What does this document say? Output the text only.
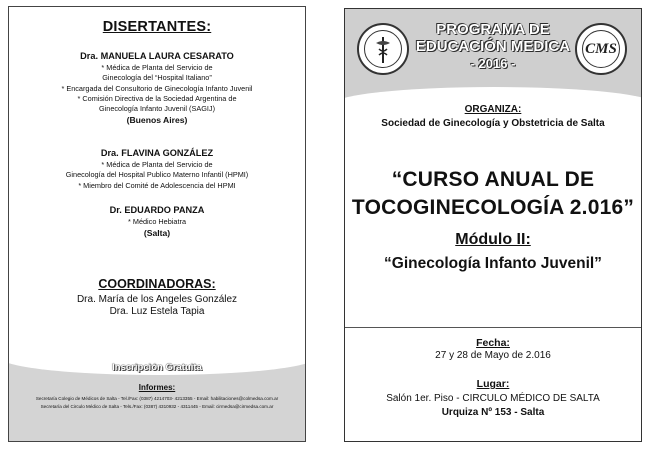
DISERTANTES:
Dra. MANUELA LAURA CESARATO
* Médica de Planta del Servicio de
Ginecología del “Hospital Italiano”
* Encargada del Consultorio de Ginecología Infanto Juvenil
* Comisión Directiva de la Sociedad Argentina de
Ginecología Infanto Juvenil (SAGIJ)
(Buenos Aires)
Dra. FLAVINA GONZÁLEZ
* Médica de Planta del Servicio de
Ginecología del Hospital Publico Materno Infantil (HPMI)
* Miembro del Comité de Adolescencia del HPMI
Dr. EDUARDO PANZA
* Médico Hebiatra
(Salta)
COORDINADORAS:
Dra. María de los Angeles González
Dra. Luz Estela Tapia
Inscripción Gratuita
Informes:
Secretaría Colegio de Médicos de Salta - Tel./Fax: (0387) 4214703- 4213355 - Email: habilitaciones@colmedsa.com.ar
Secretaría del Circulo Médico de Salta - Tels./Fax: (0387) 4310932 - 4311445 - Email: cirmedsa@cirmedsa.com.ar
PROGRAMA DE
EDUCACIÓN MEDICA
- 2016 -
CMS
ORGANIZA:
Sociedad de Ginecología y Obstetricia de Salta
“CURSO ANUAL DE
TOCOGINECOLOGÍA 2.016”
Módulo II:
“Ginecología Infanto Juvenil”
Fecha:
27 y 28 de Mayo de 2.016
Lugar:
Salón 1er. Piso - CIRCULO MÉDICO DE SALTA
Urquiza Nº 153 - Salta
